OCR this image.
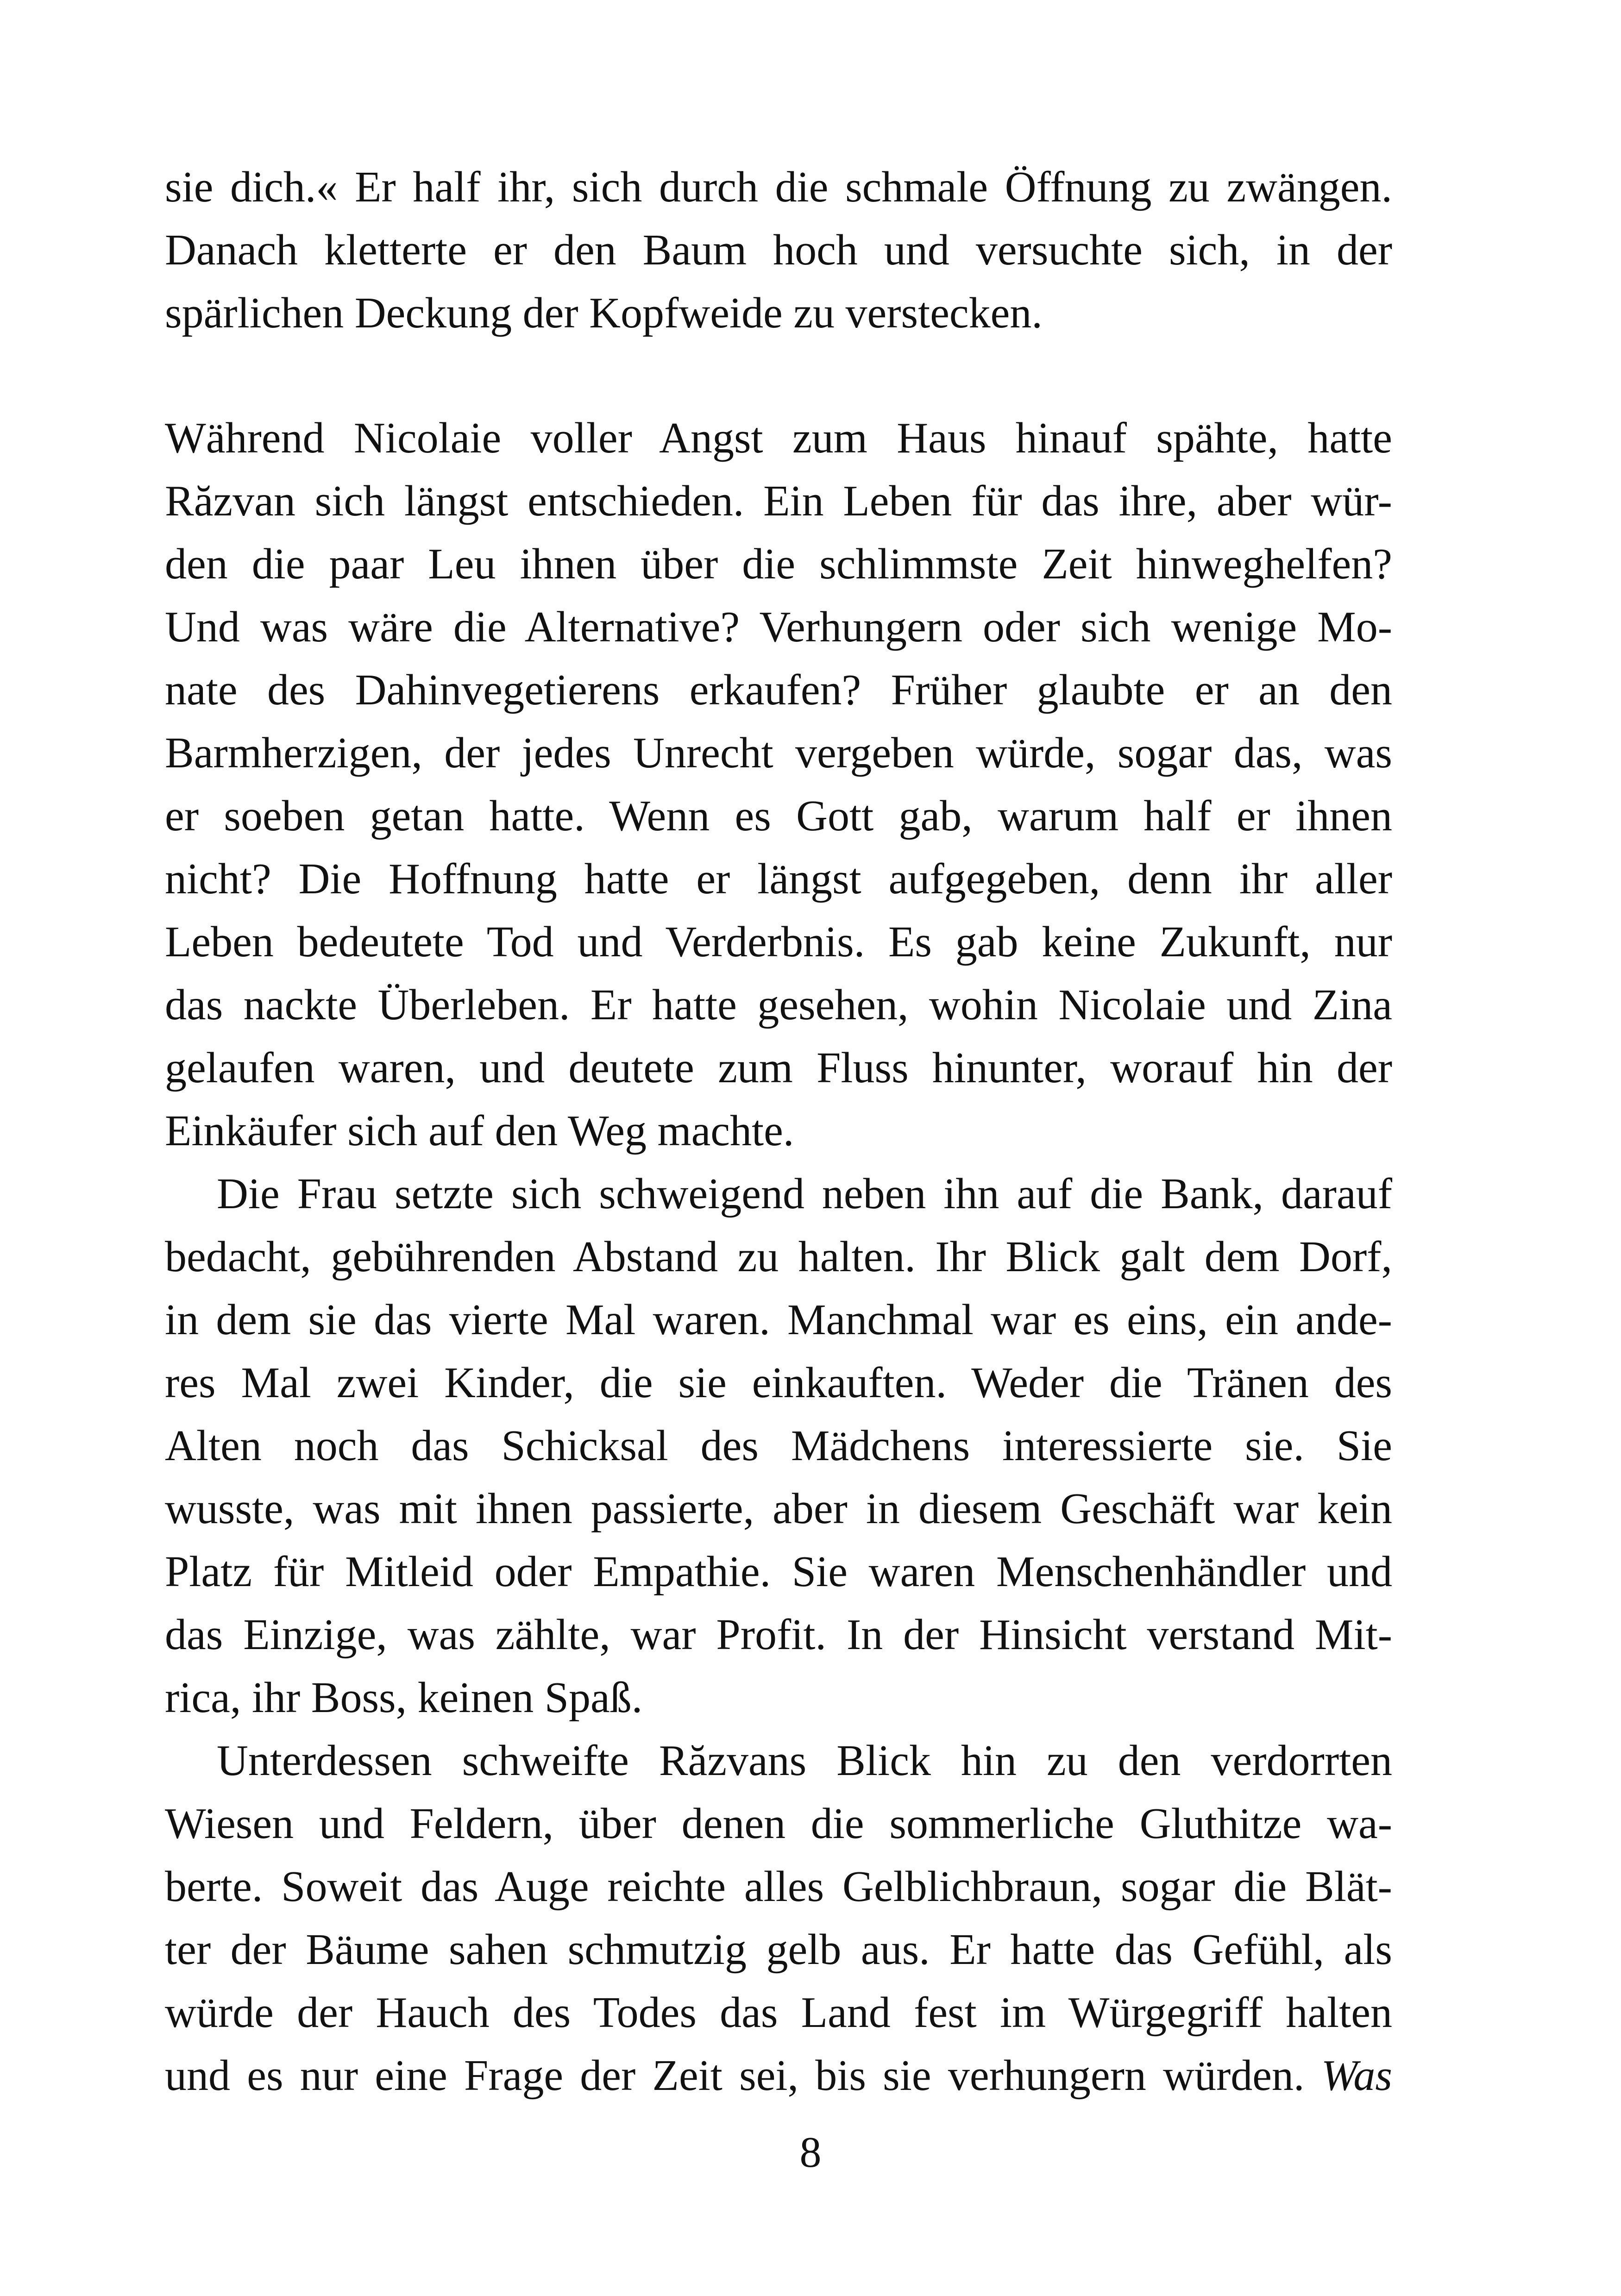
sie dich.« Er half ihr, sich durch die schmale Öffnung zu zwängen.
Danach kletterte er den Baum hoch und versuchte sich, in der
spärlichen Deckung der Kopfweide zu verstecken.
Während Nicolaie voller Angst zum Haus hinauf spähte, hatte
Răzvan sich längst entschieden. Ein Leben für das ihre, aber wür-
den die paar Leu ihnen über die schlimmste Zeit hinweghelfen?
Und was wäre die Alternative? Verhungern oder sich wenige Mo-
nate des Dahinvegetierens erkaufen? Früher glaubte er an den
Barmherzigen, der jedes Unrecht vergeben würde, sogar das, was
er soeben getan hatte. Wenn es Gott gab, warum half er ihnen
nicht? Die Hoffnung hatte er längst aufgegeben, denn ihr aller
Leben bedeutete Tod und Verderbnis. Es gab keine Zukunft, nur
das nackte Überleben. Er hatte gesehen, wohin Nicolaie und Zina
gelaufen waren, und deutete zum Fluss hinunter, worauf hin der
Einkäufer sich auf den Weg machte.
Die Frau setzte sich schweigend neben ihn auf die Bank, darauf
bedacht, gebührenden Abstand zu halten. Ihr Blick galt dem Dorf,
in dem sie das vierte Mal waren. Manchmal war es eins, ein ande-
res Mal zwei Kinder, die sie einkauften. Weder die Tränen des
Alten noch das Schicksal des Mädchens interessierte sie. Sie
wusste, was mit ihnen passierte, aber in diesem Geschäft war kein
Platz für Mitleid oder Empathie. Sie waren Menschenhändler und
das Einzige, was zählte, war Profit. In der Hinsicht verstand Mit-
rica, ihr Boss, keinen Spaß.
Unterdessen schweifte Răzvans Blick hin zu den verdorrten
Wiesen und Feldern, über denen die sommerliche Gluthitze wa-
berte. Soweit das Auge reichte alles Gelblichbraun, sogar die Blät-
ter der Bäume sahen schmutzig gelb aus. Er hatte das Gefühl, als
würde der Hauch des Todes das Land fest im Würgegriff halten
und es nur eine Frage der Zeit sei, bis sie verhungern würden. Was
8
